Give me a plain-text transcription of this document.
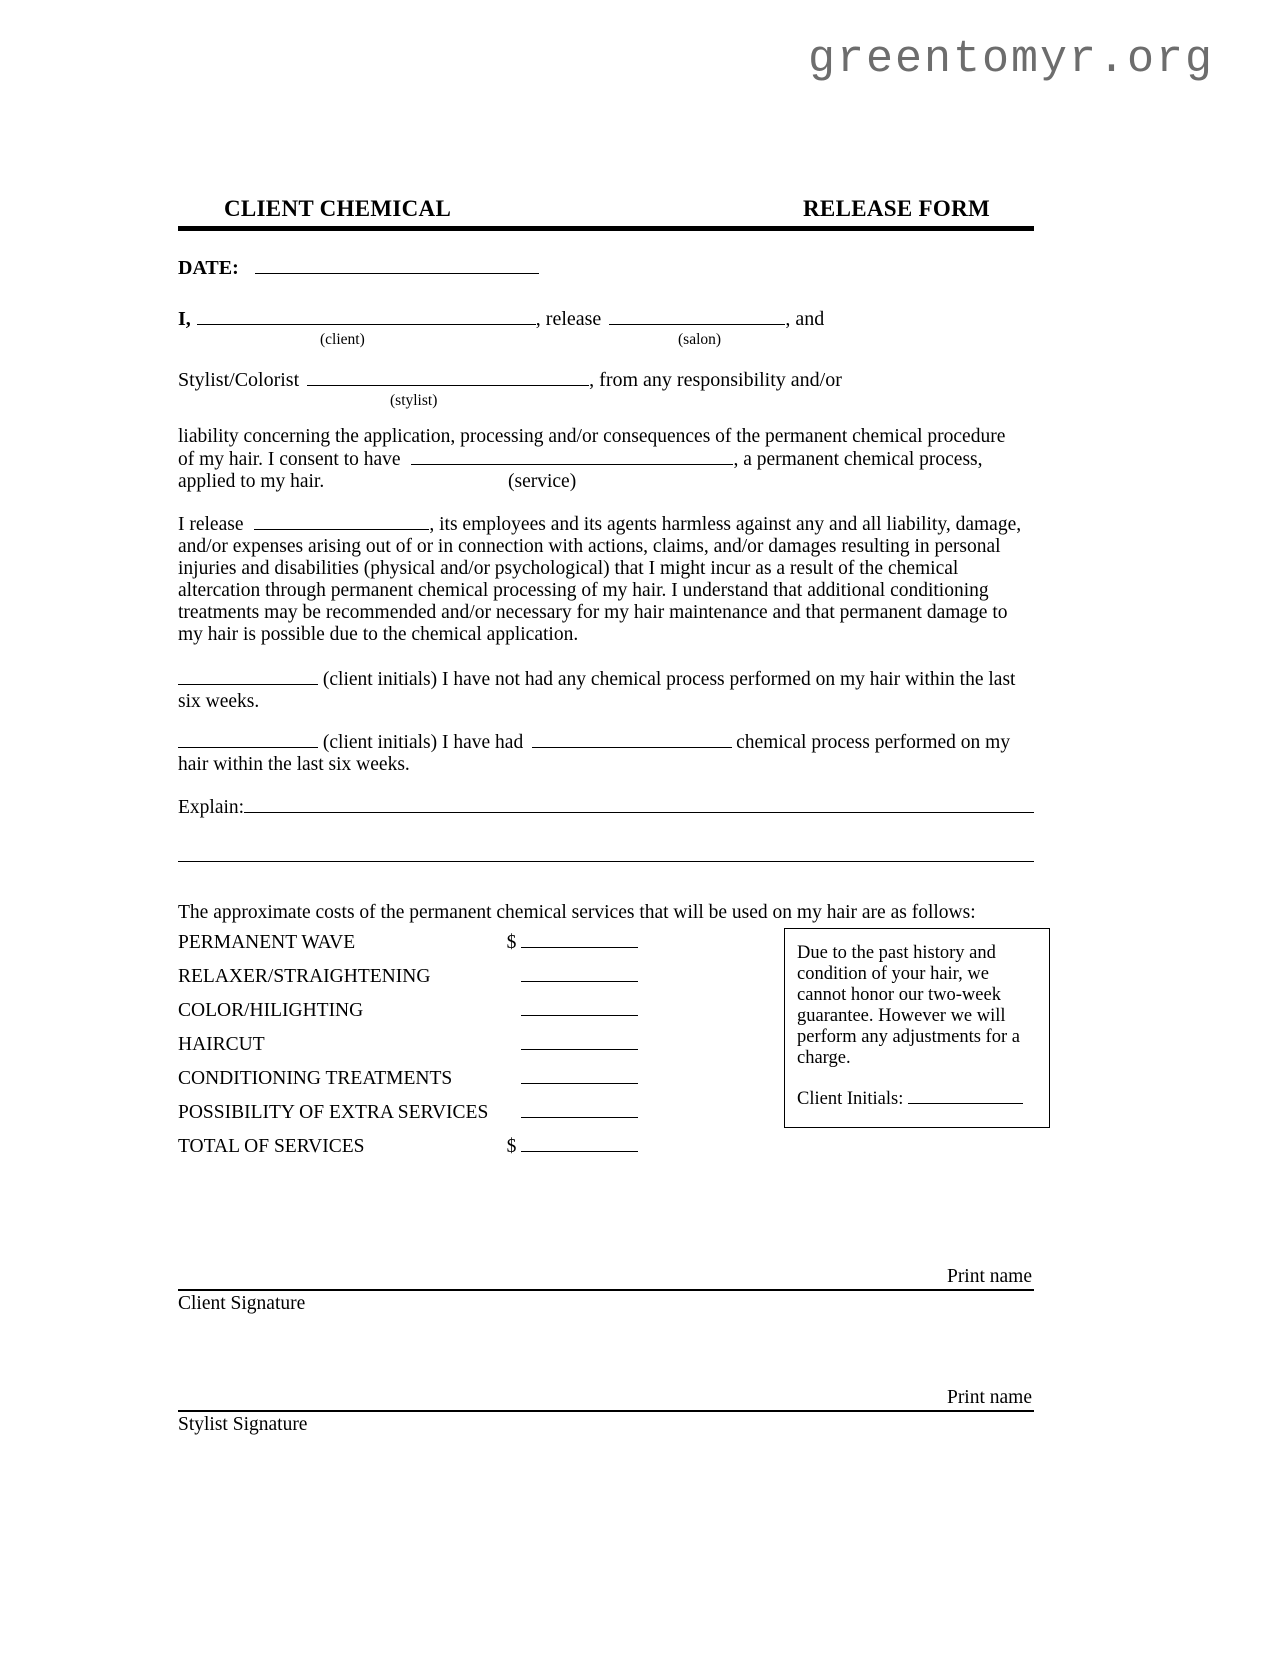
greentomyr.org
CLIENT CHEMICAL	RELEASE FORM
DATE:
I,	, release	, and
(client)	(salon)
Stylist/Colorist	, from any responsibility and/or
(stylist)
liability concerning the application, processing and/or consequences of the permanent chemical procedure
of my hair. I consent to have	, a permanent chemical process,
applied to my hair.	(service)
I release	, its employees and its agents harmless against any and all liability, damage, and/or expenses arising out of or in connection with actions, claims, and/or damages resulting in personal injuries and disabilities (physical and/or psychological) that I might incur as a result of the chemical altercation through permanent chemical processing of my hair. I understand that additional conditioning treatments may be recommended and/or necessary for my hair maintenance and that permanent damage to my hair is possible due to the chemical application.
(client initials) I have not had any chemical process performed on my hair within the last six weeks.
(client initials) I have had	chemical process performed on my hair within the last six weeks.
Explain:
The approximate costs of the permanent chemical services that will be used on my hair are as follows:
PERMANENT WAVE	$
RELAXER/STRAIGHTENING
COLOR/HILIGHTING
HAIRCUT
CONDITIONING TREATMENTS
POSSIBILITY OF EXTRA SERVICES
TOTAL OF SERVICES	$
Print name
Client Signature
Print name
Stylist Signature
Due to the past history and condition of your hair, we cannot honor our two-week guarantee. However we will perform any adjustments for a charge.
Client Initials:
